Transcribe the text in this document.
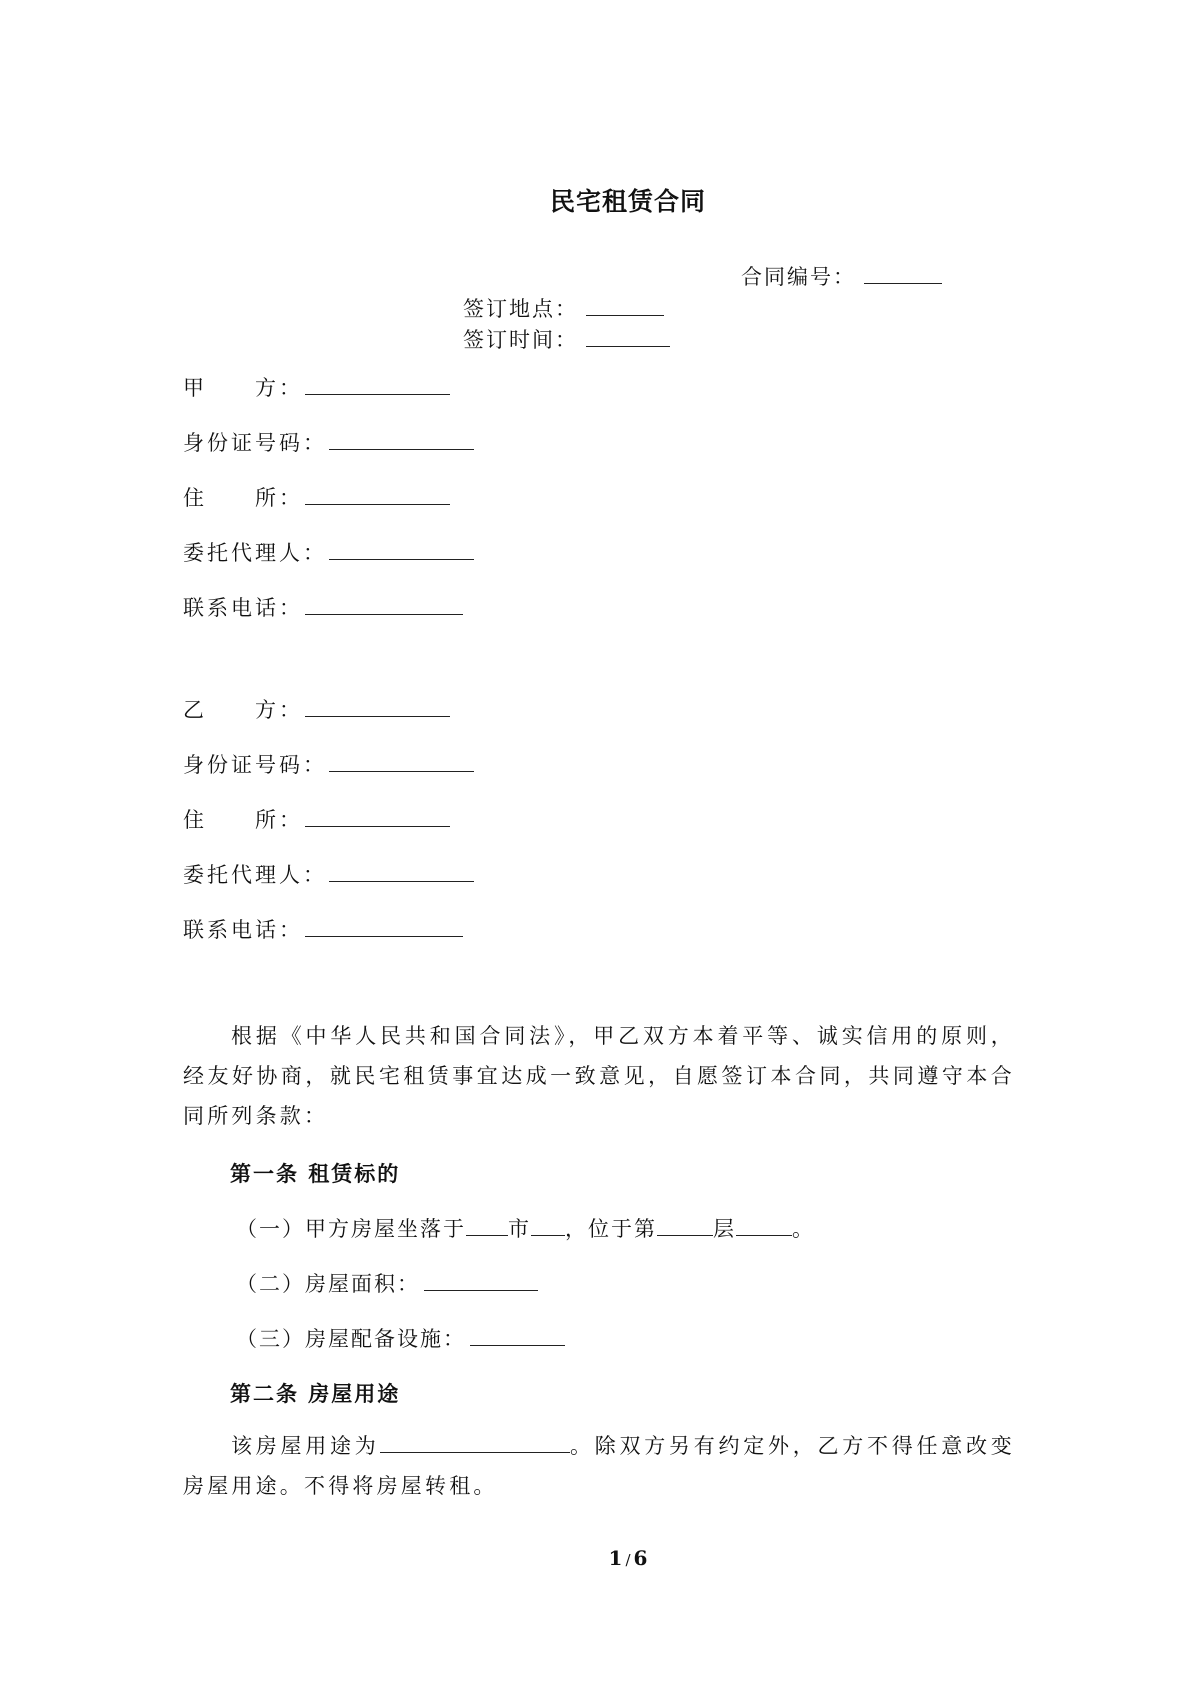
民宅租赁合同
合同编号：
签订地点：
签订时间：
甲　　方：
身份证号码：
住　　所：
委托代理人：
联系电话：
乙　　方：
身份证号码：
住　　所：
委托代理人：
联系电话：
根据《中华人民共和国合同法》，甲乙双方本着平等、诚实信用的原则，经友好协商，就民宅租赁事宜达成一致意见，自愿签订本合同，共同遵守本合同所列条款：
第一条 租赁标的
（一）甲方房屋坐落于 市 ，位于第	层	。
（二）房屋面积：
（三）房屋配备设施：
第二条 房屋用途
该房屋用途为	。除双方另有约定外，乙方不得任意改变房屋用途。不得将房屋转租。
1 / 6
